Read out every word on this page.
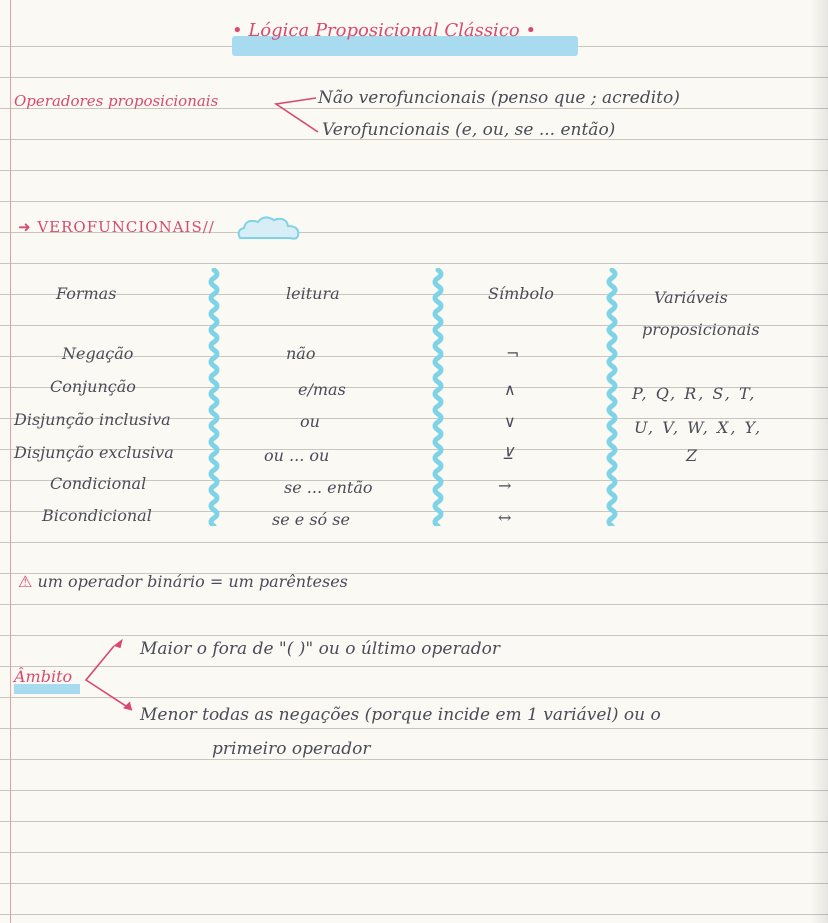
• Lógica Proposicional Clássico •
Operadores proposicionais	Não verofuncionais (penso que ; acredito)
Verofuncionais (e, ou, se ... então)
➜ VEROFUNCIONAIS//
Formas	leitura	Símbolo	Variáveis
proposicionais
Negação	não	¬
Conjunção	e/mas	∧
Disjunção inclusiva	ou	∨
Disjunção exclusiva	ou ... ou	⊻
Condicional	se ... então	→
Bicondicional	se e só se	↔
P, Q, R, S, T,
U, V, W, X, Y,
Z
⚠ um operador binário = um parênteses
Âmbito
Maior o fora de "( )" ou o último operador
Menor todas as negações (porque incide em 1 variável) ou o
primeiro operador
